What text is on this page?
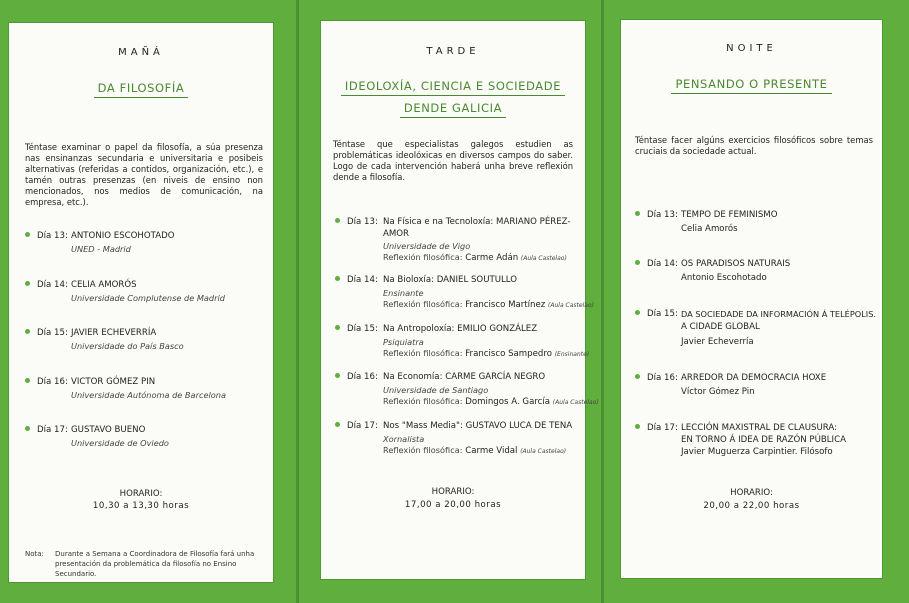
MAÑÁ
DA FILOSOFÍA
Téntase examinar o papel da filosofía, a súa presenza nas ensinanzas secundaria e universitaria e posibeis alternativas (referidas a contidos, organización, etc.), e tamén outras presenzas (en niveis de ensino non mencionados, nos medios de comunicación, na empresa, etc.).
Día 13: ANTONIO ESCOHOTADO
UNED - Madrid
Día 14: CELIA AMORÓS
Universidade Complutense de Madrid
Día 15: JAVIER ECHEVERRÍA
Universidade do País Basco
Día 16: VICTOR GÓMEZ PIN
Universidade Autónoma de Barcelona
Día 17: GUSTAVO BUENO
Universidade de Oviedo
HORARIO:
10,30 a 13,30 horas
Nota:	Durante a Semana a Coordinadora de Filosofía fará unha presentación da problemática da filosofía no Ensino Secundario.
TARDE
IDEOLOXÍA, CIENCIA E SOCIEDADE
DENDE GALICIA
Téntase que especialistas galegos estudien as problemáticas ideolóxicas en diversos campos do saber. Logo de cada intervención haberá unha breve reflexión dende a filosofía.
Día 13: Na Física e na Tecnoloxía: MARIANO PÉREZ-
AMOR
Universidade de Vigo
Reflexión filosófica: Carme Adán (Aula Castelao)
Día 14: Na Bioloxía: DANIEL SOUTULLO
Ensinante
Reflexión filosófica: Francisco Martínez (Aula Castelao)
Día 15: Na Antropoloxía: EMILIO GONZÁLEZ
Psiquiatra
Reflexión filosófica: Francisco Sampedro (Ensinante)
Día 16: Na Economía: CARME GARCÍA NEGRO
Universidade de Santiago
Reflexión filosófica: Domingos A. García (Aula Castelao)
Día 17: Nos "Mass Media": GUSTAVO LUCA DE TENA
Xornalista
Reflexión filosófica: Carme Vidal (Aula Castelao)
HORARIO:
17,00 a 20,00 horas
NOITE
PENSANDO O PRESENTE
Téntase facer algúns exercicios filosóficos sobre temas cruciais da sociedade actual.
Día 13: TEMPO DE FEMINISMO
Celia Amorós
Día 14: OS PARADISOS NATURAIS
Antonio Escohotado
Día 15: DA SOCIEDADE DA INFORMACIÓN Á TELÉPOLIS.
A CIDADE GLOBAL
Javier Echeverría
Día 16: ARREDOR DA DEMOCRACIA HOXE
Víctor Gómez Pin
Día 17: LECCIÓN MAXISTRAL DE CLAUSURA:
EN TORNO Á IDEA DE RAZÓN PÚBLICA
Javier Muguerza Carpintier. Filósofo
HORARIO:
20,00 a 22,00 horas
